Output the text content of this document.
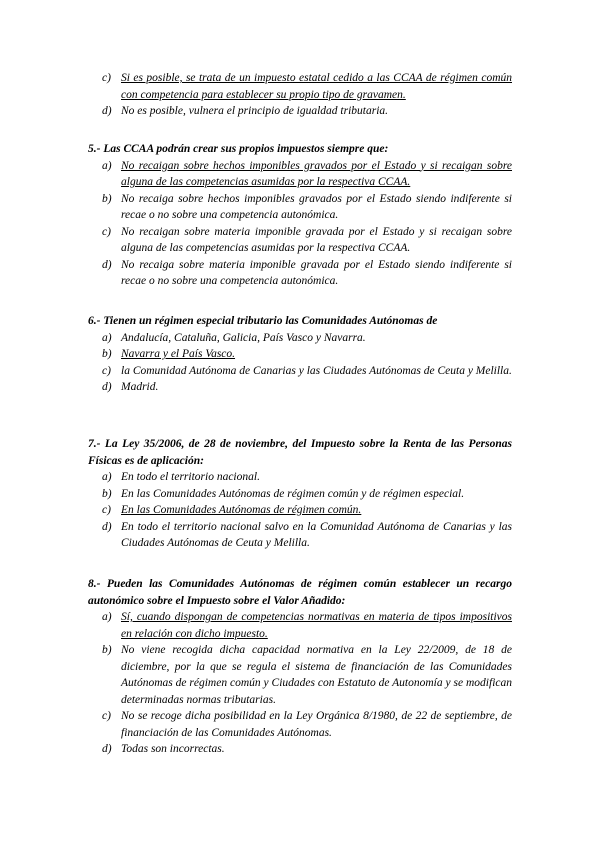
c) Si es posible, se trata de un impuesto estatal cedido a las CCAA de régimen común con competencia para establecer su propio tipo de gravamen.
d) No es posible, vulnera el principio de igualdad tributaria.

5.- Las CCAA podrán crear sus propios impuestos siempre que:

a) No recaigan sobre hechos imponibles gravados por el Estado y si recaigan sobre alguna de las competencias asumidas por la respectiva CCAA.
b) No recaiga sobre hechos imponibles gravados por el Estado siendo indiferente si recae o no sobre una competencia autonómica.
c) No recaigan sobre materia imponible gravada por el Estado y si recaigan sobre alguna de las competencias asumidas por la respectiva CCAA.
d) No recaiga sobre materia imponible gravada por el Estado siendo indiferente si recae o no sobre una competencia autonómica.

6.- Tienen un régimen especial tributario las Comunidades Autónomas de

a) Andalucía, Cataluña, Galicia, País Vasco y Navarra.
b) Navarra y el País Vasco.
c) la Comunidad Autónoma de Canarias y las Ciudades Autónomas de Ceuta y Melilla.
d) Madrid.

7.- La Ley 35/2006, de 28 de noviembre, del Impuesto sobre la Renta de las Personas Físicas es de aplicación:

a) En todo el territorio nacional.
b) En las Comunidades Autónomas de régimen común y de régimen especial.
c) En las Comunidades Autónomas de régimen común.
d) En todo el territorio nacional salvo en la Comunidad Autónoma de Canarias y las Ciudades Autónomas de Ceuta y Melilla.

8.- Pueden las Comunidades Autónomas de régimen común establecer un recargo autonómico sobre el Impuesto sobre el Valor Añadido:

a) Sí, cuando dispongan de competencias normativas en materia de tipos impositivos en relación con dicho impuesto.
b) No viene recogida dicha capacidad normativa en la Ley 22/2009, de 18 de diciembre, por la que se regula el sistema de financiación de las Comunidades Autónomas de régimen común y Ciudades con Estatuto de Autonomía y se modifican determinadas normas tributarias.
c) No se recoge dicha posibilidad en la Ley Orgánica 8/1980, de 22 de septiembre, de financiación de las Comunidades Autónomas.
d) Todas son incorrectas.
